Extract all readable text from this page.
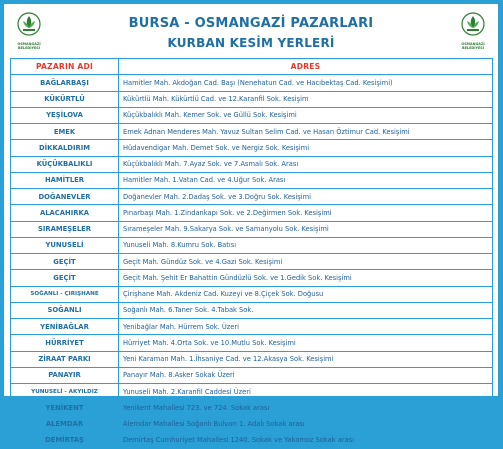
OSMANGAZİ
BELEDİYESİ
BURSA - OSMANGAZİ PAZARLARI
KURBAN KESİM YERLERİ	OSMANGAZİ
BELEDİYESİ
PAZARIN ADI	ADRES
BAĞLARBAŞI	Hamitler Mah. Akdoğan Cad. Başı (Nenehatun Cad. ve Hacıbektaş Cad. Kesişimi)
KÜKÜRTLÜ	Kükürtlü Mah. Kükürtlü Cad. ve 12.Karanfil Sok. Kesişim
YEŞİLOVA	Küçükbalıklı Mah. Kemer Sok. ve Güllü Sok. Kesişimi
EMEK	Emek Adnan Menderes Mah. Yavuz Sultan Selim Cad. ve Hasan Öztimur Cad. Kesişimi
DİKKALDIRIM	Hüdavendigar Mah. Demet Sok. ve Nergiz Sok. Kesişimi
KÜÇÜKBALIKLI	Küçükbalıklı Mah. 7.Ayaz Sok. ve 7.Asmalı Sok. Arası
HAMİTLER	Hamitler Mah. 1.Vatan Cad. ve 4.Uğur Sok. Arası
DOĞANEVLER	Doğanevler Mah. 2.Dadaş Sok. ve 3.Doğru Sok. Kesişimi
ALACAHIRKA	Pınarbaşı Mah. 1.Zindankapı Sok. ve 2.Değirmen Sok. Kesişimi
SIRAMEŞELER	Sırameşeler Mah. 9.Sakarya Sok. ve Samanyolu Sok. Kesişimi
YUNUSELİ	Yunuseli Mah. 8.Kumru Sok. Batısı
GEÇİT	Geçit Mah. Gündüz Sok. ve 4.Gazi Sok. Kesişimi
GEÇİT	Geçit Mah. Şehit Er Bahattin Gündüzlü Sok. ve 1.Gedik Sok. Kesişimi
SOĞANLI - ÇIRIŞHANE	Çirişhane Mah. Akdeniz Cad. Kuzeyi ve 8.Çiçek Sok. Doğusu
SOĞANLI	Soğanlı Mah. 6.Taner Sok. 4.Tabak Sok.
YENİBAĞLAR	Yenibağlar Mah. Hürrem Sok. Üzeri
HÜRRİYET	Hürriyet Mah. 4.Orta Sok. ve 10.Mutlu Sok. Kesişimi
ZİRAAT PARKI	Yeni Karaman Mah. 1.İhsaniye Cad. ve 12.Akasya Sok. Kesişimi
PANAYIR	Panayır Mah. 8.Asker Sokak Üzeri
YUNUSELİ - AKYILDIZ	Yunuseli Mah. 2.Karanfil Caddesi Üzeri
YENİKENT	Yenikent Mahallesi 723. ve 724. Sokak arası
ALEMDAR	Alemdar Mahallesi Soğanlı Bulvarı 1. Adalı Sokak arası
DEMİRTAŞ	Demirtaş Cumhuriyet Mahallesi 1240. Sokak ve Yakamoz Sokak arası
